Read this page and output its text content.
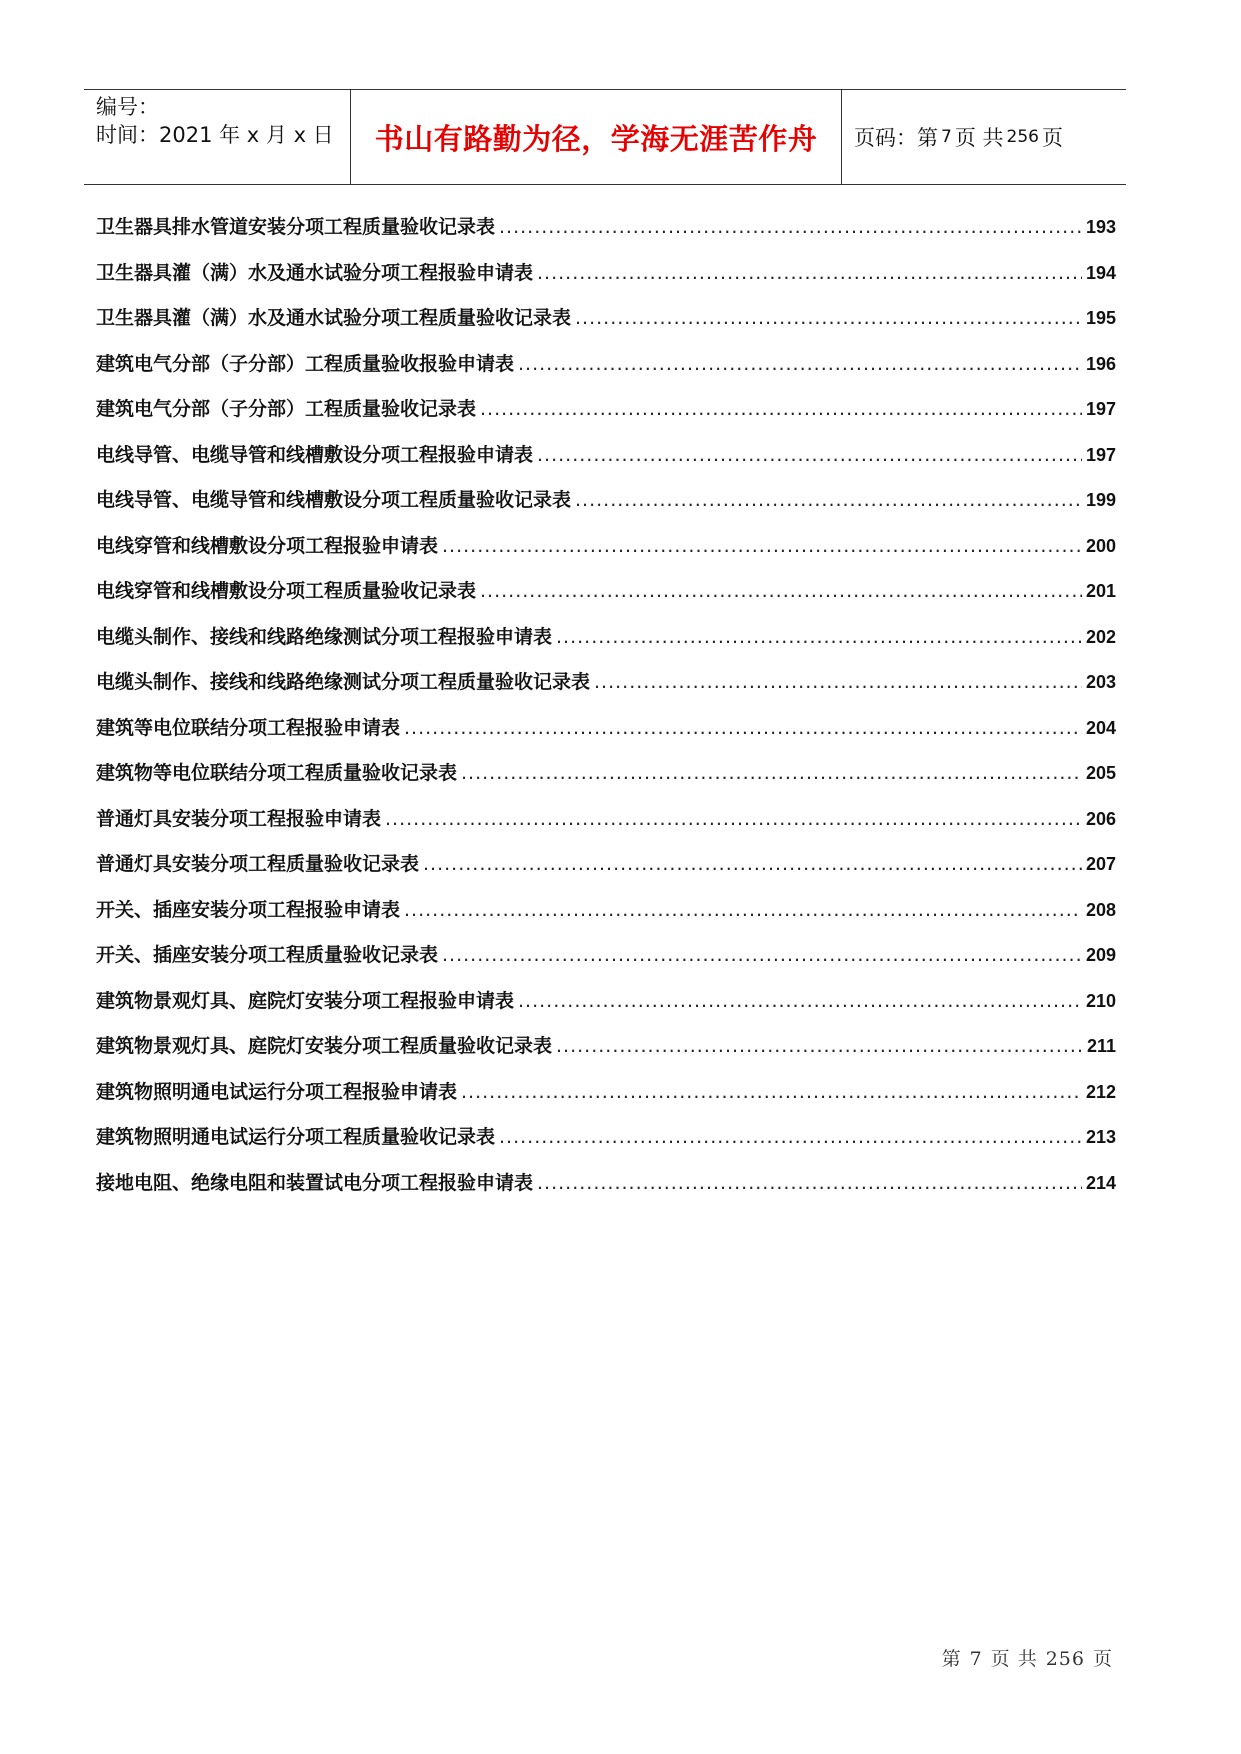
编号：
时间：2021 年 x 月 x 日	书山有路勤为径，学海无涯苦作舟 页码：第 7 页 共 256 页
卫生器具排水管道安装分项工程质量验收记录表 .....	193
卫生器具灌（满）水及通水试验分项工程报验申请表 .....	194
卫生器具灌（满）水及通水试验分项工程质量验收记录表 .....	195
建筑电气分部（子分部）工程质量验收报验申请表 .....	196
建筑电气分部（子分部）工程质量验收记录表 .....	197
电线导管、电缆导管和线槽敷设分项工程报验申请表 .....	197
电线导管、电缆导管和线槽敷设分项工程质量验收记录表 .....	199
电线穿管和线槽敷设分项工程报验申请表 .....	200
电线穿管和线槽敷设分项工程质量验收记录表 .....	201
电缆头制作、接线和线路绝缘测试分项工程报验申请表 .....	202
电缆头制作、接线和线路绝缘测试分项工程质量验收记录表 .....	203
建筑等电位联结分项工程报验申请表 .....	204
建筑物等电位联结分项工程质量验收记录表 .....	205
普通灯具安装分项工程报验申请表 .....	206
普通灯具安装分项工程质量验收记录表 .....	207
开关、插座安装分项工程报验申请表 .....	208
开关、插座安装分项工程质量验收记录表 .....	209
建筑物景观灯具、庭院灯安装分项工程报验申请表 .....	210
建筑物景观灯具、庭院灯安装分项工程质量验收记录表 .....	211
建筑物照明通电试运行分项工程报验申请表 .....	212
建筑物照明通电试运行分项工程质量验收记录表 .....	213
接地电阻、绝缘电阻和装置试电分项工程报验申请表 .....	214
第 7 页 共 256 页
